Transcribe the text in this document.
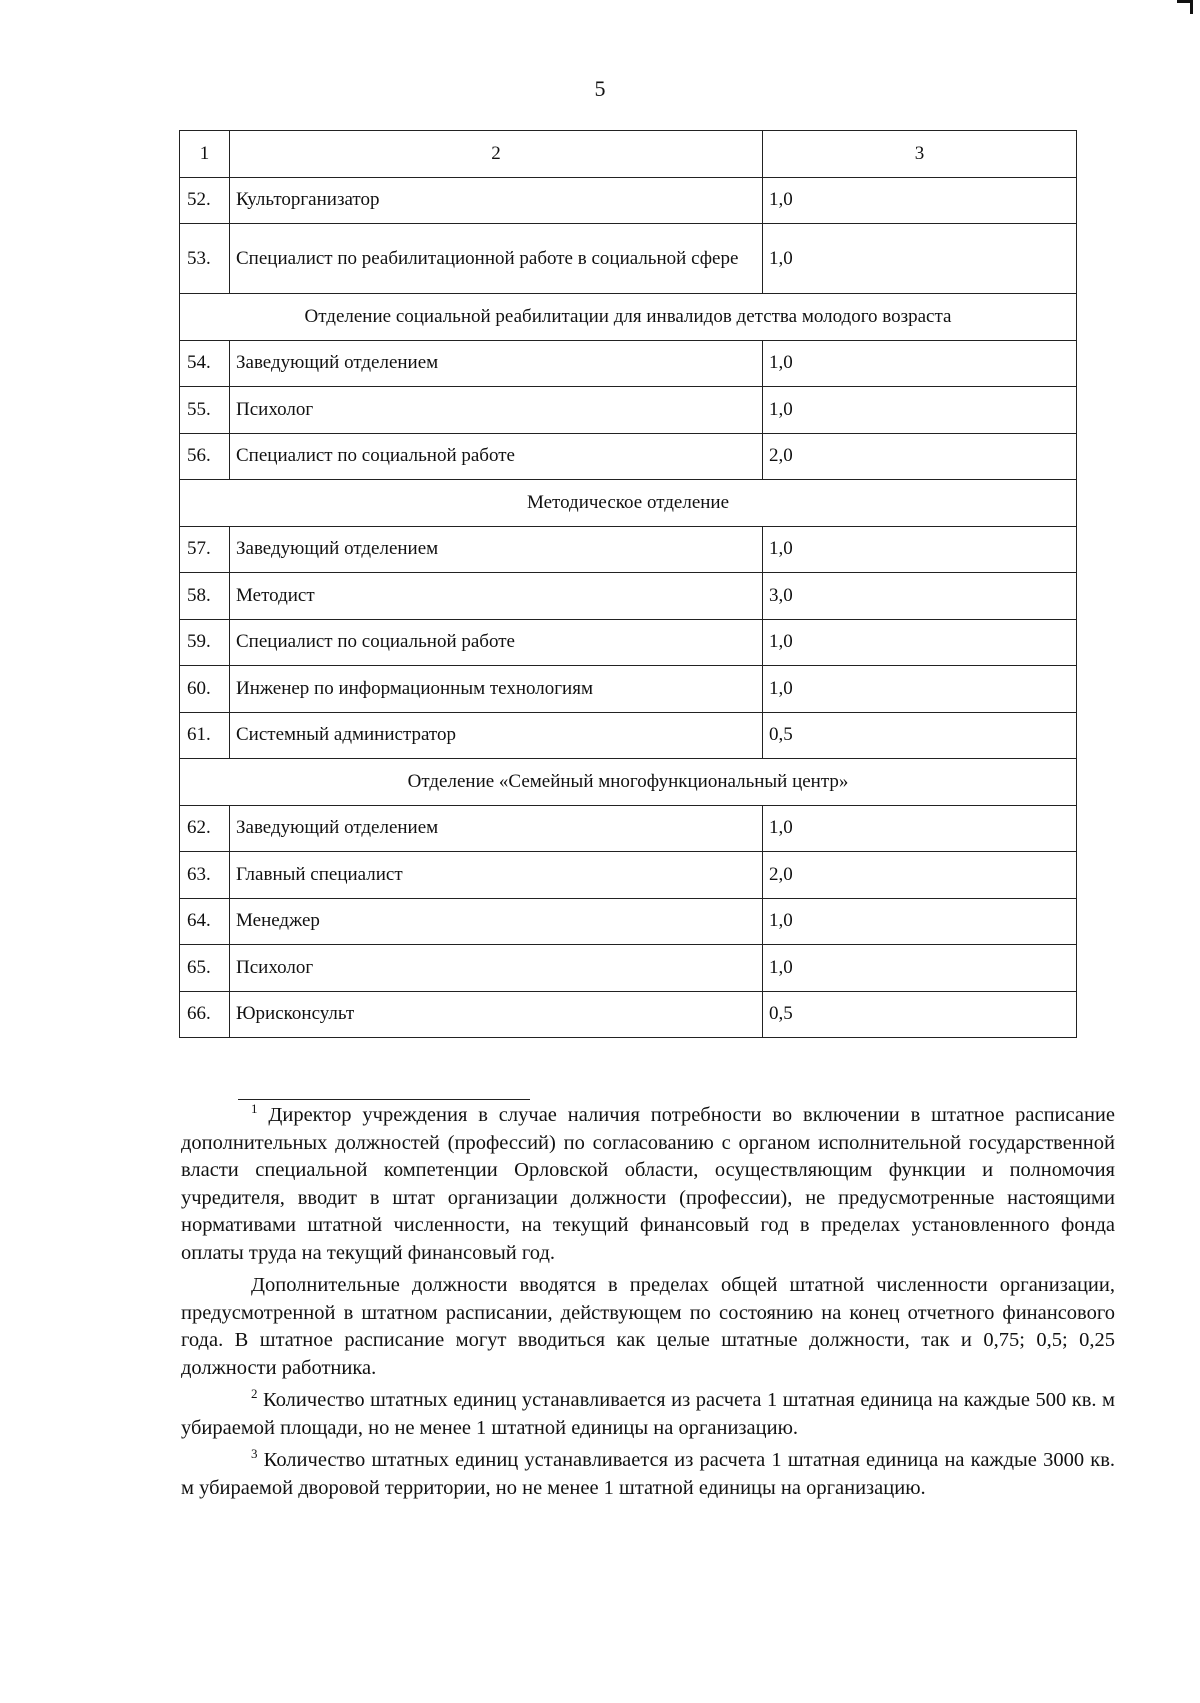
5
1	2	3
52.	Культорганизатор	1,0
53.	Специалист по реабилитационной работе в социальной сфере	1,0
Отделение социальной реабилитации для инвалидов детства молодого возраста		
54.	Заведующий отделением	1,0
55.	Психолог	1,0
56.	Специалист по социальной работе	2,0
Методическое отделение		
57.	Заведующий отделением	1,0
58.	Методист	3,0
59.	Специалист по социальной работе	1,0
60.	Инженер по информационным технологиям	1,0
61.	Системный администратор	0,5
Отделение «Семейный многофункциональный центр»		
62.	Заведующий отделением	1,0
63.	Главный специалист	2,0
64.	Менеджер	1,0
65.	Психолог	1,0
66.	Юрисконсульт	0,5

$^1$ Директор учреждения в случае наличия потребности во включении в штатное расписание дополнительных должностей (профессий) по согласованию с органом исполнительной государственной власти специальной компетенции Орловской области, осуществляющим функции и полномочия учредителя, вводит в штат организации должности (профессии), не предусмотренные настоящими нормативами штатной численности, на текущий финансовый год в пределах установленного фонда оплаты труда на текущий финансовый год.

Дополнительные должности вводятся в пределах общей штатной численности организации, предусмотренной в штатном расписании, действующем по состоянию на конец отчетного финансового года. В штатное расписание могут вводиться как целые штатные должности, так и 0,75; 0,5; 0,25 должности работника.

$^2$ Количество штатных единиц устанавливается из расчета 1 штатная единица на каждые 500 кв. м убираемой площади, но не менее 1 штатной единицы на организацию.

$^3$ Количество штатных единиц устанавливается из расчета 1 штатная единица на каждые 3000 кв. м убираемой дворовой территории, но не менее 1 штатной единицы на организацию.
